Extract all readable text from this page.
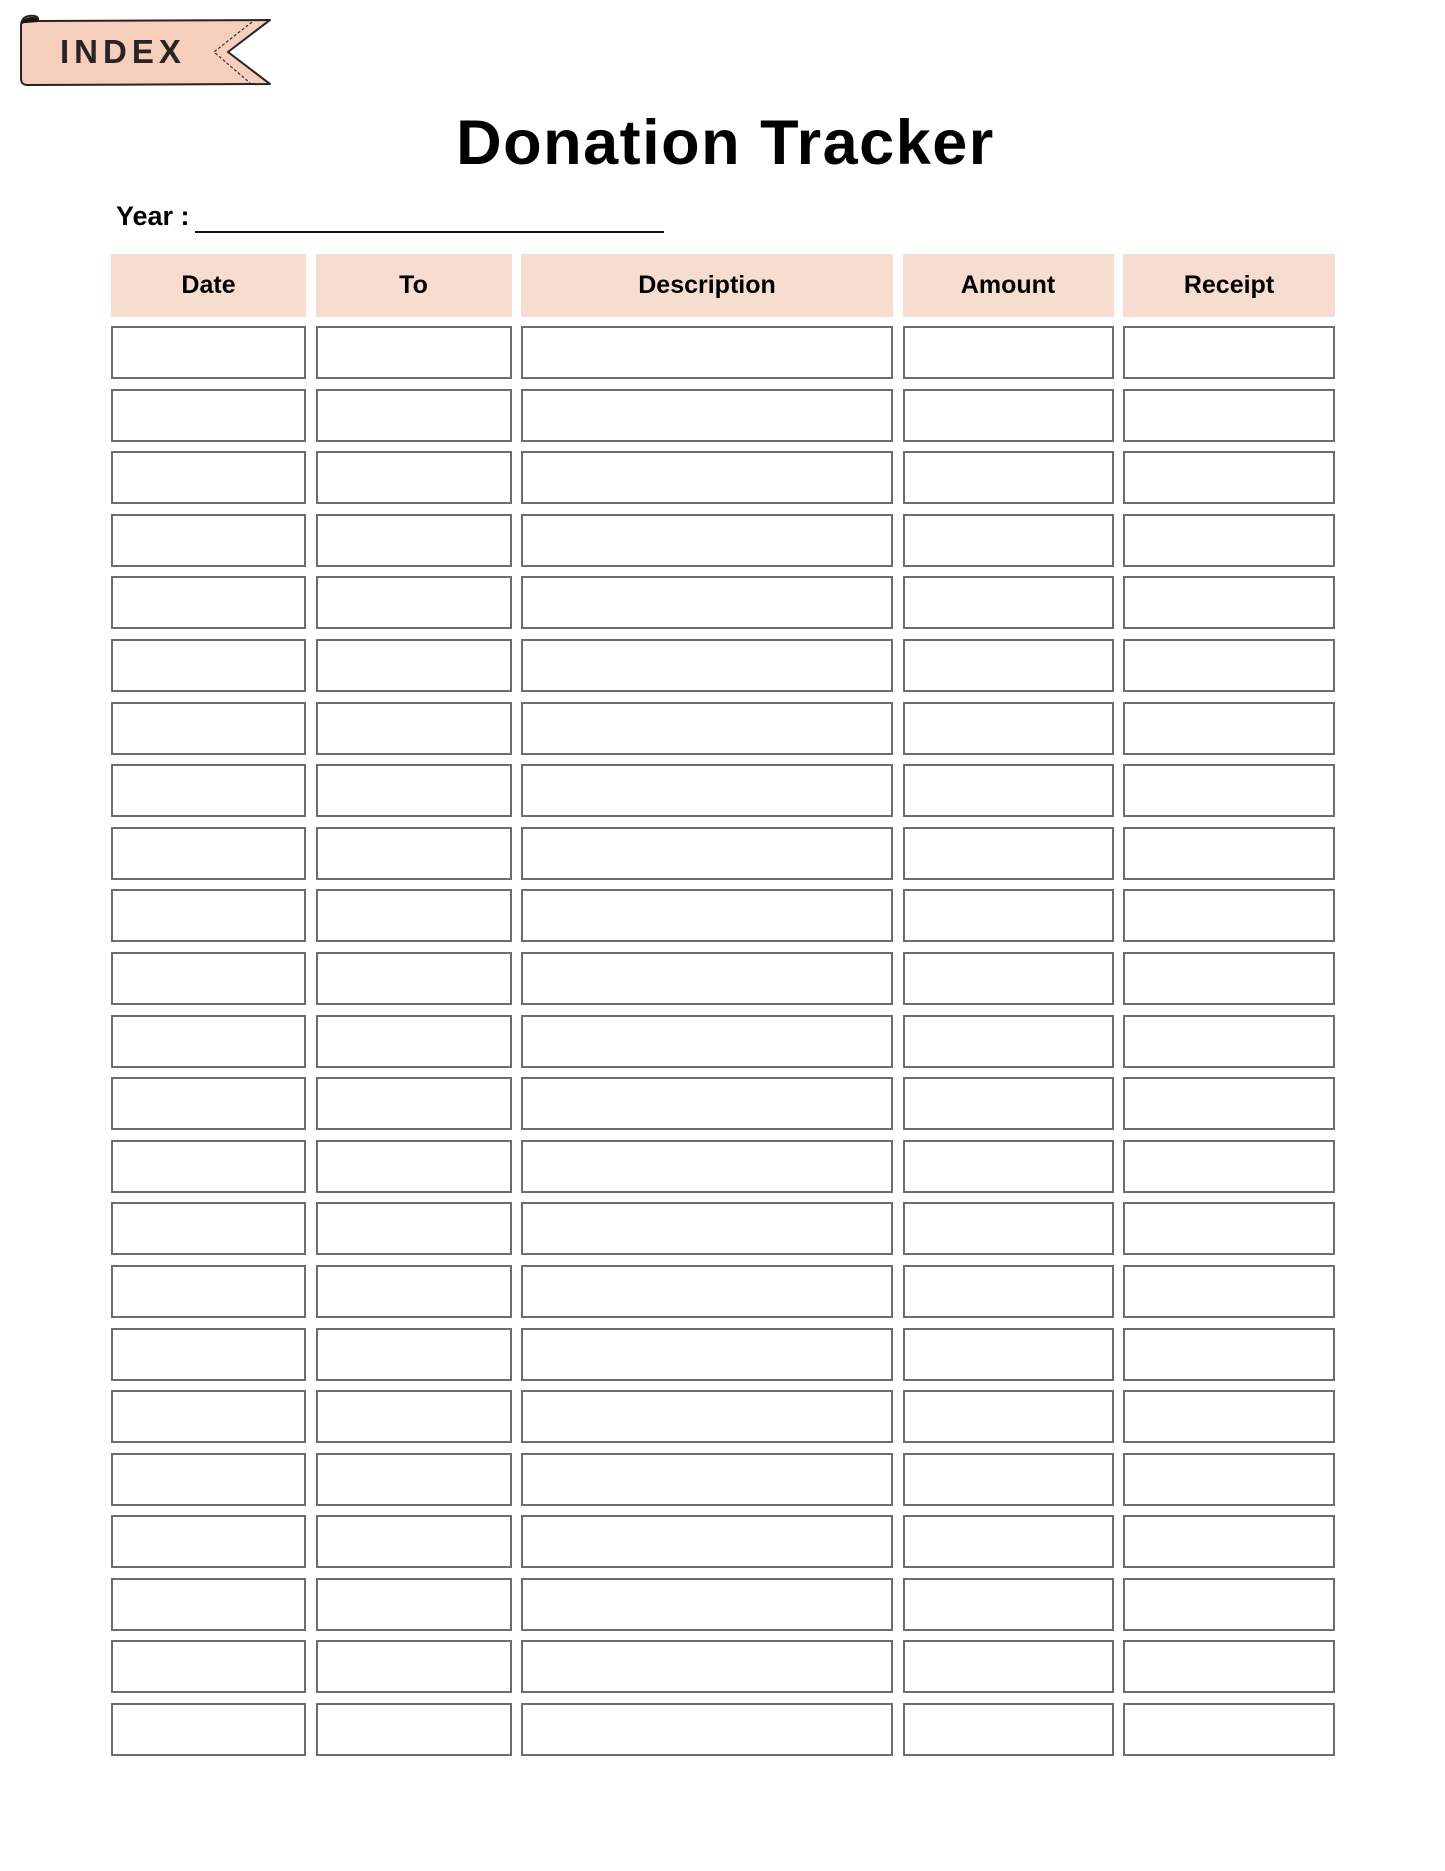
INDEX
Donation Tracker
Year :
Date	To	Description	Amount	Receipt
